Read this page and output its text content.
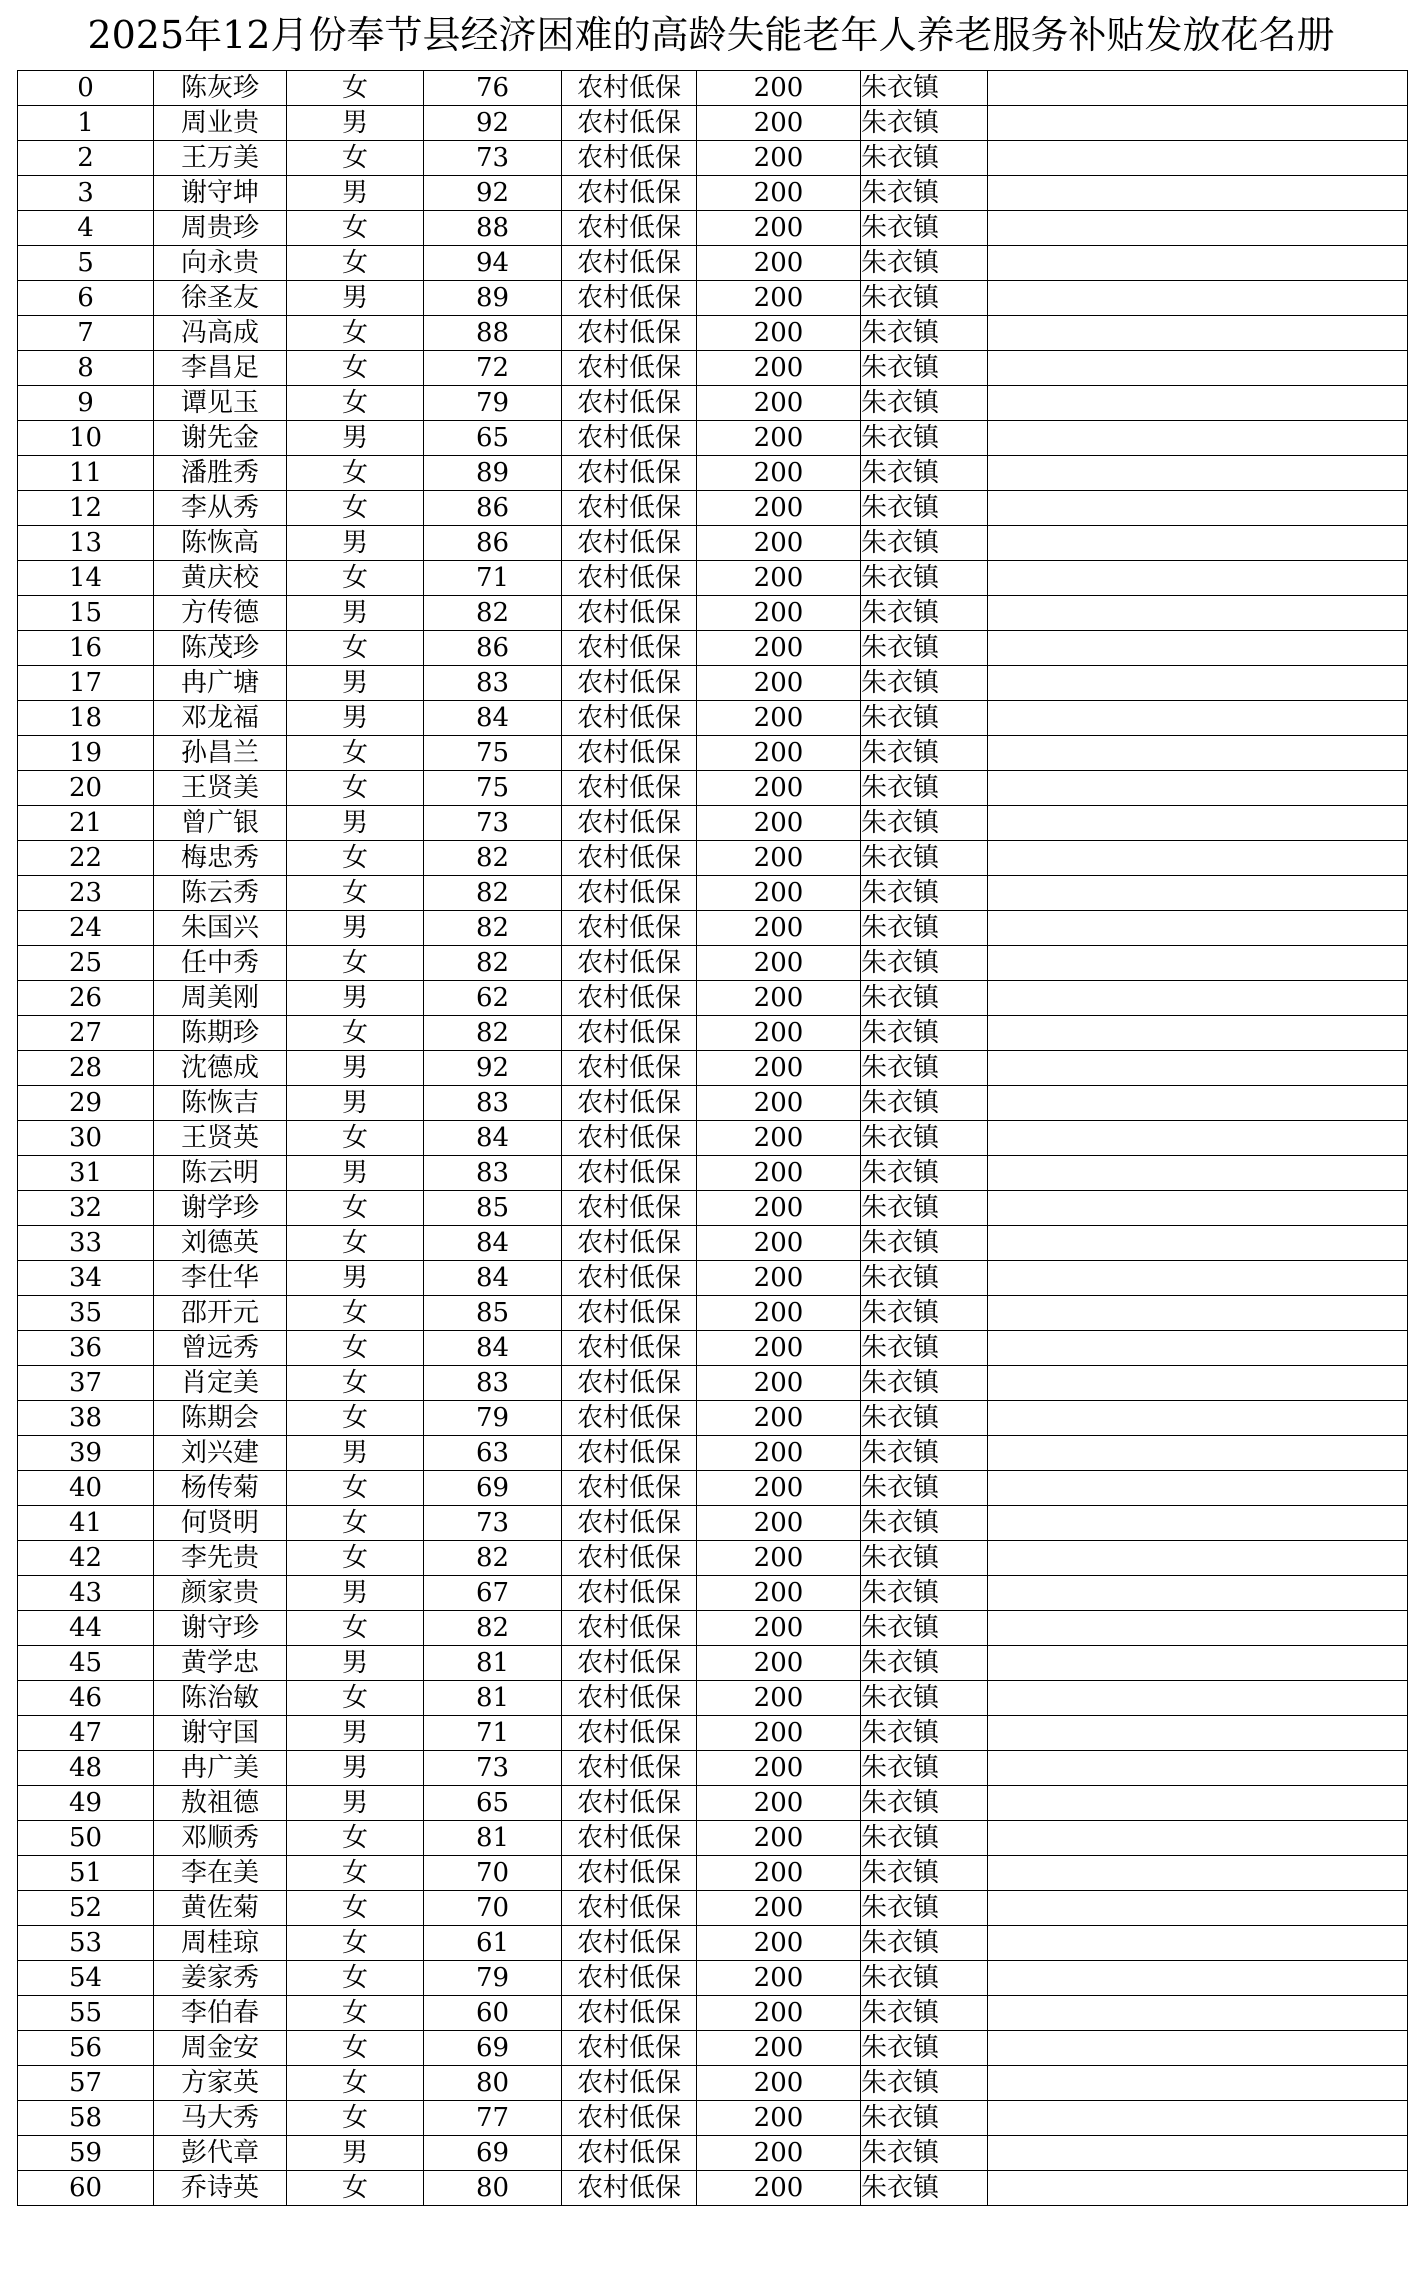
2025年12月份奉节县经济困难的高龄失能老年人养老服务补贴发放花名册
0	陈灰珍	女	76	农村低保	200	朱衣镇	
1	周业贵	男	92	农村低保	200	朱衣镇	
2	王万美	女	73	农村低保	200	朱衣镇	
3	谢守坤	男	92	农村低保	200	朱衣镇	
4	周贵珍	女	88	农村低保	200	朱衣镇	
5	向永贵	女	94	农村低保	200	朱衣镇	
6	徐圣友	男	89	农村低保	200	朱衣镇	
7	冯高成	女	88	农村低保	200	朱衣镇	
8	李昌足	女	72	农村低保	200	朱衣镇	
9	谭见玉	女	79	农村低保	200	朱衣镇	
10	谢先金	男	65	农村低保	200	朱衣镇	
11	潘胜秀	女	89	农村低保	200	朱衣镇	
12	李从秀	女	86	农村低保	200	朱衣镇	
13	陈恢高	男	86	农村低保	200	朱衣镇	
14	黄庆校	女	71	农村低保	200	朱衣镇	
15	方传德	男	82	农村低保	200	朱衣镇	
16	陈茂珍	女	86	农村低保	200	朱衣镇	
17	冉广塘	男	83	农村低保	200	朱衣镇	
18	邓龙福	男	84	农村低保	200	朱衣镇	
19	孙昌兰	女	75	农村低保	200	朱衣镇	
20	王贤美	女	75	农村低保	200	朱衣镇	
21	曾广银	男	73	农村低保	200	朱衣镇	
22	梅忠秀	女	82	农村低保	200	朱衣镇	
23	陈云秀	女	82	农村低保	200	朱衣镇	
24	朱国兴	男	82	农村低保	200	朱衣镇	
25	任中秀	女	82	农村低保	200	朱衣镇	
26	周美刚	男	62	农村低保	200	朱衣镇	
27	陈期珍	女	82	农村低保	200	朱衣镇	
28	沈德成	男	92	农村低保	200	朱衣镇	
29	陈恢吉	男	83	农村低保	200	朱衣镇	
30	王贤英	女	84	农村低保	200	朱衣镇	
31	陈云明	男	83	农村低保	200	朱衣镇	
32	谢学珍	女	85	农村低保	200	朱衣镇	
33	刘德英	女	84	农村低保	200	朱衣镇	
34	李仕华	男	84	农村低保	200	朱衣镇	
35	邵开元	女	85	农村低保	200	朱衣镇	
36	曾远秀	女	84	农村低保	200	朱衣镇	
37	肖定美	女	83	农村低保	200	朱衣镇	
38	陈期会	女	79	农村低保	200	朱衣镇	
39	刘兴建	男	63	农村低保	200	朱衣镇	
40	杨传菊	女	69	农村低保	200	朱衣镇	
41	何贤明	女	73	农村低保	200	朱衣镇	
42	李先贵	女	82	农村低保	200	朱衣镇	
43	颜家贵	男	67	农村低保	200	朱衣镇	
44	谢守珍	女	82	农村低保	200	朱衣镇	
45	黄学忠	男	81	农村低保	200	朱衣镇	
46	陈治敏	女	81	农村低保	200	朱衣镇	
47	谢守国	男	71	农村低保	200	朱衣镇	
48	冉广美	男	73	农村低保	200	朱衣镇	
49	敖祖德	男	65	农村低保	200	朱衣镇	
50	邓顺秀	女	81	农村低保	200	朱衣镇	
51	李在美	女	70	农村低保	200	朱衣镇	
52	黄佐菊	女	70	农村低保	200	朱衣镇	
53	周桂琼	女	61	农村低保	200	朱衣镇	
54	姜家秀	女	79	农村低保	200	朱衣镇	
55	李伯春	女	60	农村低保	200	朱衣镇	
56	周金安	女	69	农村低保	200	朱衣镇	
57	方家英	女	80	农村低保	200	朱衣镇	
58	马大秀	女	77	农村低保	200	朱衣镇	
59	彭代章	男	69	农村低保	200	朱衣镇	
60	乔诗英	女	80	农村低保	200	朱衣镇	
